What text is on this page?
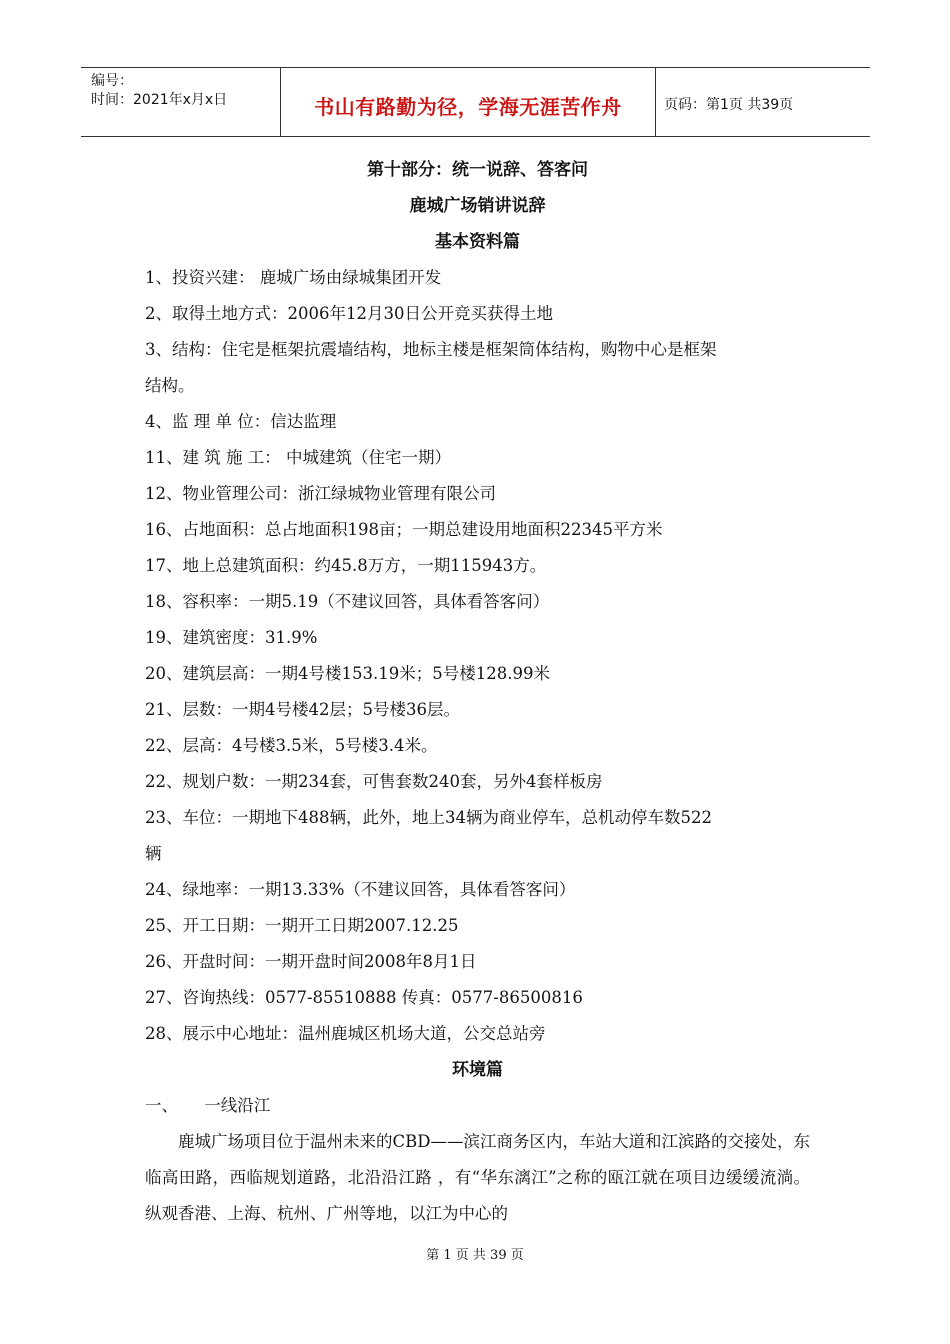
编号：
时间：2021年x月x日	书山有路勤为径，学海无涯苦作舟	页码：第1页 共39页
第十部分：统一说辞、答客问
鹿城广场销讲说辞
基本资料篇
1、投资兴建： 鹿城广场由绿城集团开发
2、取得土地方式：2006年12月30日公开竞买获得土地
3、结构：住宅是框架抗震墙结构，地标主楼是框架筒体结构，购物中心是框架
结构。
4、监 理 单 位：信达监理
11、建 筑 施 工： 中城建筑（住宅一期）
12、物业管理公司：浙江绿城物业管理有限公司
16、占地面积：总占地面积198亩；一期总建设用地面积22345平方米
17、地上总建筑面积：约45.8万方，一期115943方。
18、容积率：一期5.19（不建议回答，具体看答客问）
19、建筑密度：31.9%
20、建筑层高：一期4号楼153.19米；5号楼128.99米
21、层数：一期4号楼42层；5号楼36层。
22、层高：4号楼3.5米，5号楼3.4米。
22、规划户数：一期234套，可售套数240套，另外4套样板房
23、车位：一期地下488辆，此外，地上34辆为商业停车，总机动停车数522
辆
24、绿地率：一期13.33%（不建议回答，具体看答客问）
25、开工日期：一期开工日期2007.12.25
26、开盘时间：一期开盘时间2008年8月1日
27、咨询热线：0577-85510888 传真：0577-86500816
28、展示中心地址：温州鹿城区机场大道，公交总站旁
环境篇
一、     一线沿江
鹿城广场项目位于温州未来的CBD——滨江商务区内，车站大道和江滨路的交接处，东临高田路，西临规划道路，北沿沿江路 ，有“华东漓江”之称的瓯江就在项目边缓缓流淌。纵观香港、上海、杭州、广州等地，以江为中心的
第 1 页 共 39 页
